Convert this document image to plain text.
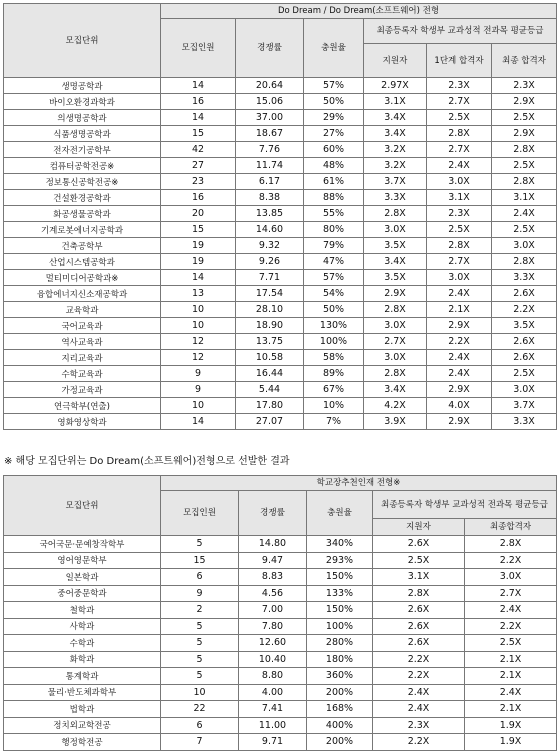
모집단위	Do Dream / Do Dream(소프트웨어) 전형					
	모집인원	경쟁률	충원율	최종등록자 학생부 교과성적 전과목 평균등급		
				지원자	1단계 합격자	최종 합격자
생명공학과	14	20.64	57%	2.97X	2.3X	2.3X
바이오환경과학과	16	15.06	50%	3.1X	2.7X	2.9X
의생명공학과	14	37.00	29%	3.4X	2.5X	2.5X
식품생명공학과	15	18.67	27%	3.4X	2.8X	2.9X
전자전기공학부	42	7.76	60%	3.2X	2.7X	2.8X
컴퓨터공학전공※	27	11.74	48%	3.2X	2.4X	2.5X
정보통신공학전공※	23	6.17	61%	3.7X	3.0X	2.8X
건설환경공학과	16	8.38	88%	3.3X	3.1X	3.1X
화공생물공학과	20	13.85	55%	2.8X	2.3X	2.4X
기계로봇에너지공학과	15	14.60	80%	3.0X	2.5X	2.5X
건축공학부	19	9.32	79%	3.5X	2.8X	3.0X
산업시스템공학과	19	9.26	47%	3.4X	2.7X	2.8X
멀티미디어공학과※	14	7.71	57%	3.5X	3.0X	3.3X
융합에너지신소재공학과	13	17.54	54%	2.9X	2.4X	2.6X
교육학과	10	28.10	50%	2.8X	2.1X	2.2X
국어교육과	10	18.90	130%	3.0X	2.9X	3.5X
역사교육과	12	13.75	100%	2.7X	2.2X	2.6X
지리교육과	12	10.58	58%	3.0X	2.4X	2.6X
수학교육과	9	16.44	89%	2.8X	2.4X	2.5X
가정교육과	9	5.44	67%	3.4X	2.9X	3.0X
연극학부(연출)	10	17.80	10%	4.2X	4.0X	3.7X
영화영상학과	14	27.07	7%	3.9X	2.9X	3.3X
※ 해당 모집단위는 Do Dream(소프트웨어)전형으로 선발한 결과
모집단위	학교장추천인재 전형※				
	모집인원	경쟁률	충원율	최종등록자 학생부 교과성적 전과목 평균등급	
				지원자	최종합격자
국어국문·문예창작학부	5	14.80	340%	2.6X	2.8X
영어영문학부	15	9.47	293%	2.5X	2.2X
일본학과	6	8.83	150%	3.1X	3.0X
중어중문학과	9	4.56	133%	2.8X	2.7X
철학과	2	7.00	150%	2.6X	2.4X
사학과	5	7.80	100%	2.6X	2.2X
수학과	5	12.60	280%	2.6X	2.5X
화학과	5	10.40	180%	2.2X	2.1X
통계학과	5	8.80	360%	2.2X	2.1X
물리·반도체과학부	10	4.00	200%	2.4X	2.4X
법학과	22	7.41	168%	2.4X	2.1X
정치외교학전공	6	11.00	400%	2.3X	1.9X
행정학전공	7	9.71	200%	2.2X	1.9X
